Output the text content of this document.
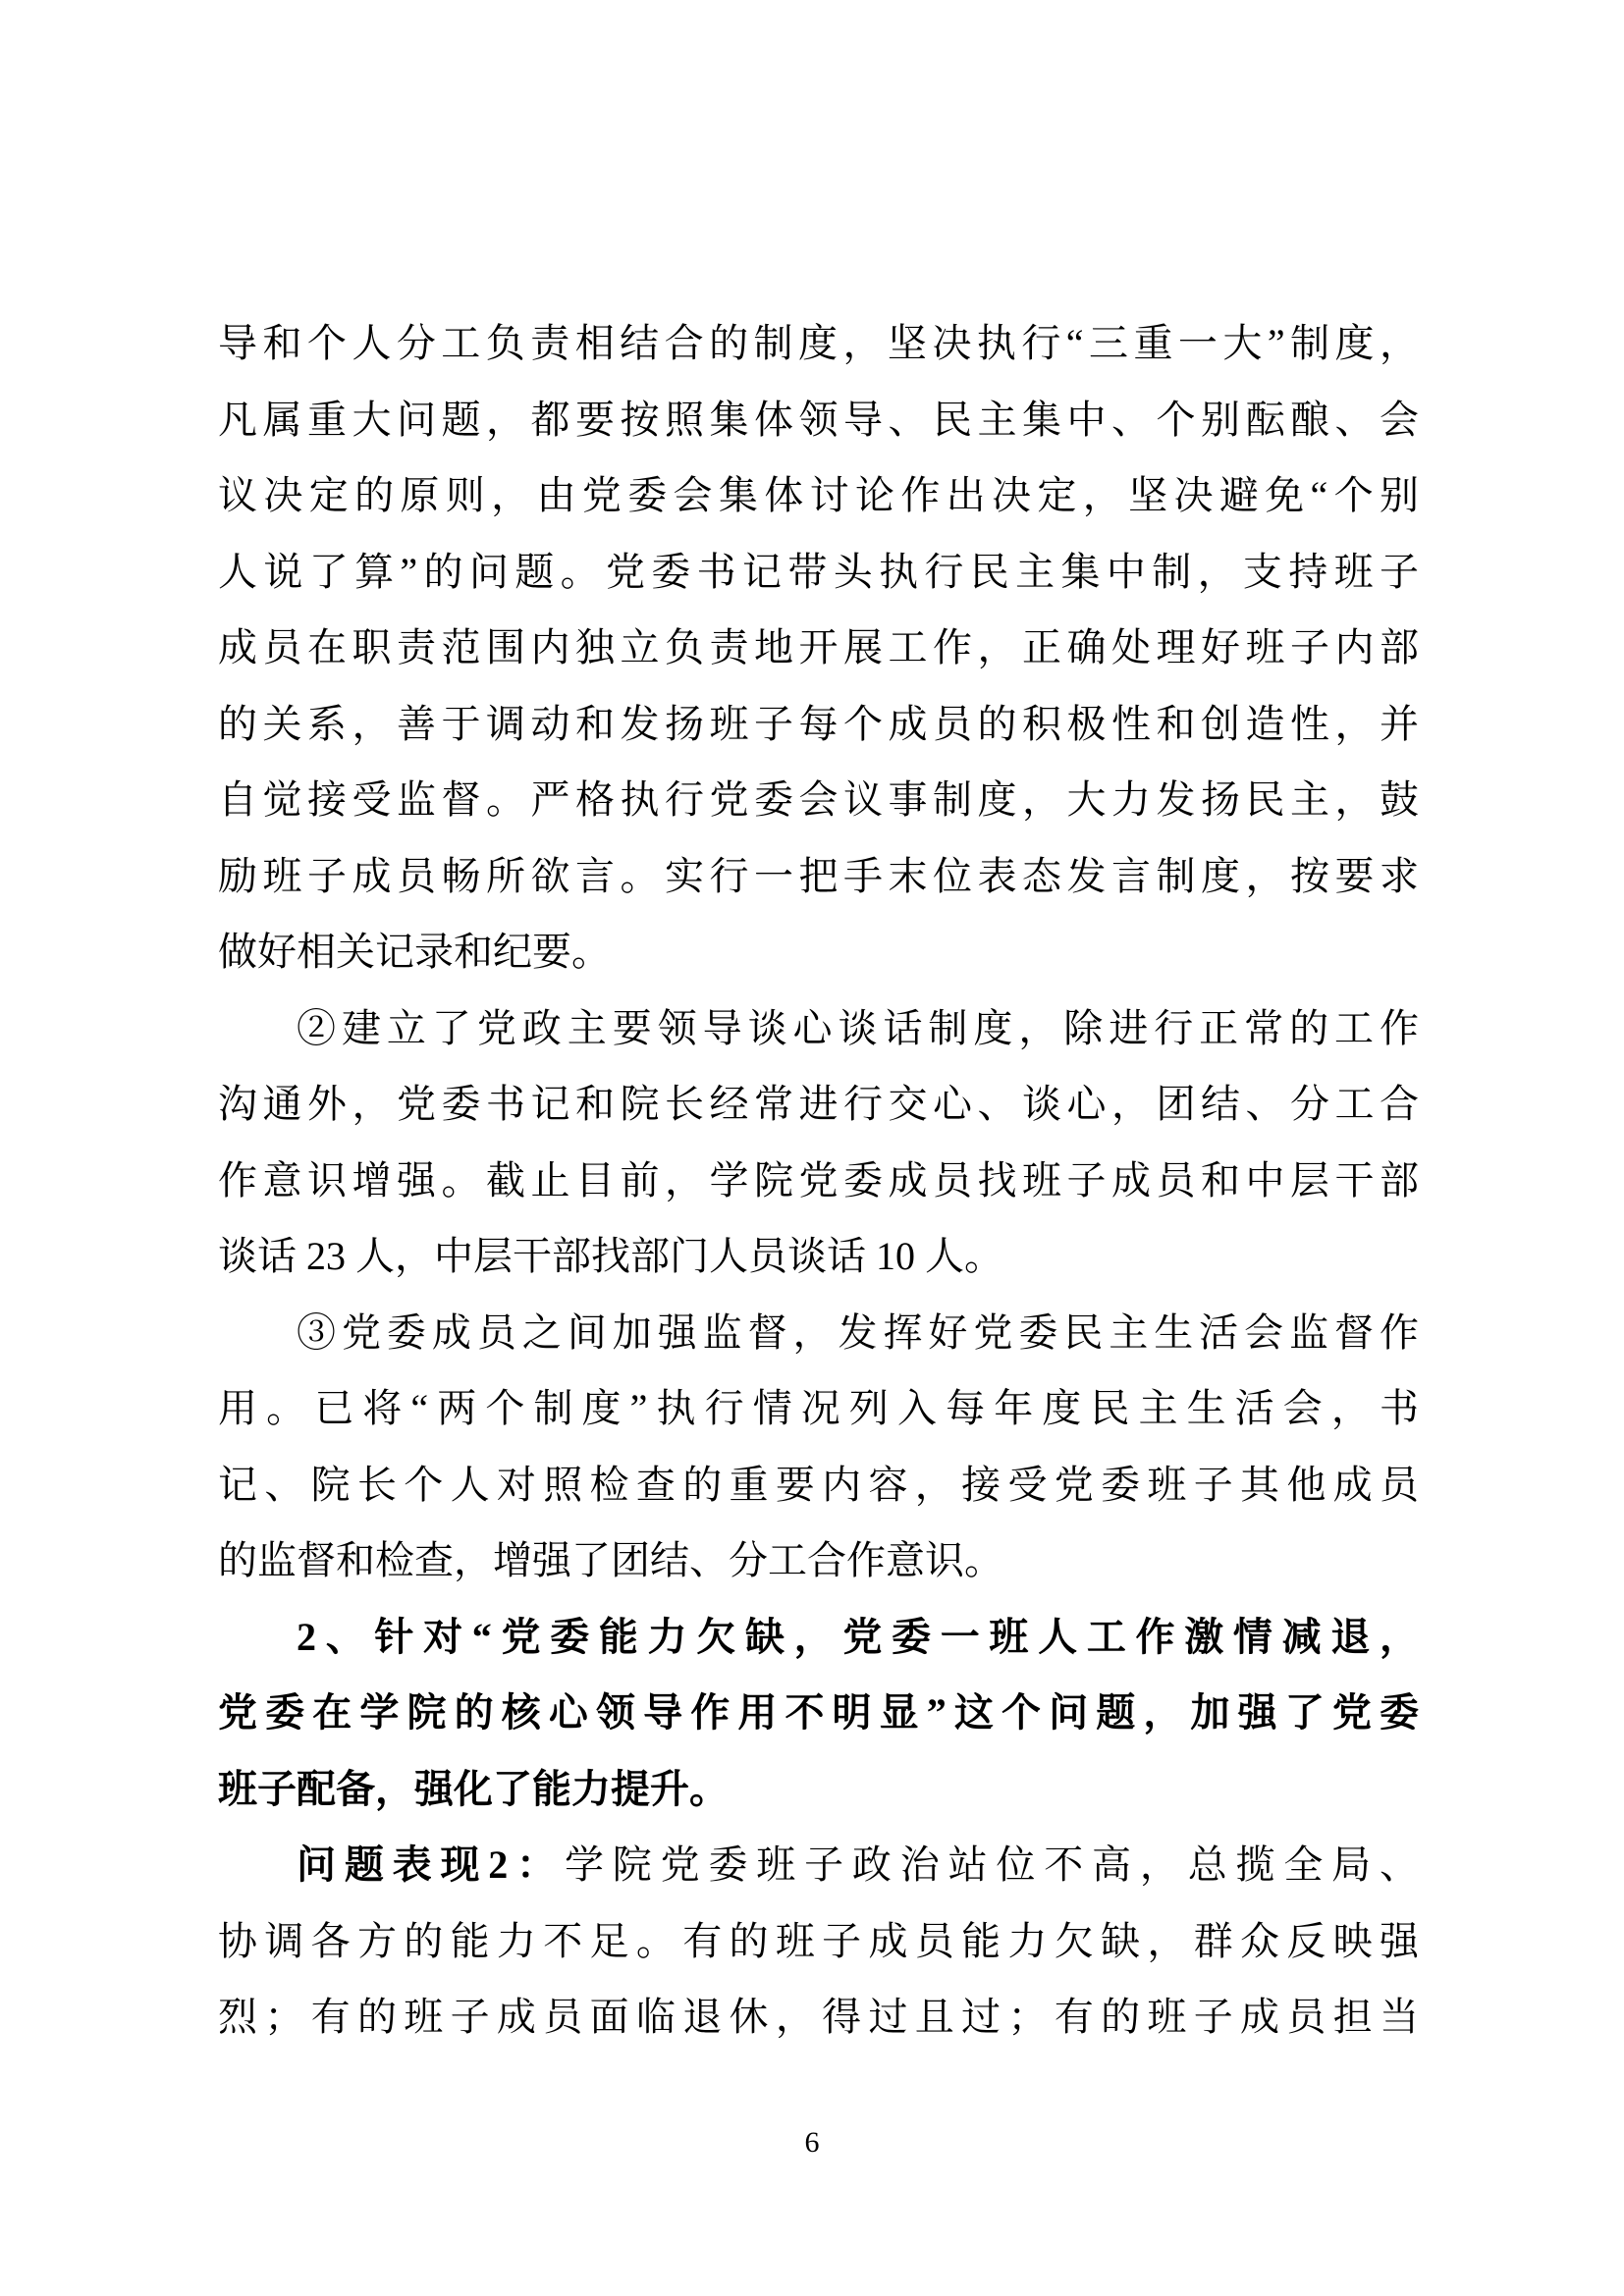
导和个人分工负责相结合的制度，坚决执行“三重一大”制度，
凡属重大问题，都要按照集体领导、民主集中、个别酝酿、会
议决定的原则，由党委会集体讨论作出决定，坚决避免“个别
人说了算”的问题。党委书记带头执行民主集中制，支持班子
成员在职责范围内独立负责地开展工作，正确处理好班子内部
的关系，善于调动和发扬班子每个成员的积极性和创造性，并
自觉接受监督。严格执行党委会议事制度，大力发扬民主，鼓
励班子成员畅所欲言。实行一把手末位表态发言制度，按要求
做好相关记录和纪要。
②建立了党政主要领导谈心谈话制度，除进行正常的工作
沟通外，党委书记和院长经常进行交心、谈心，团结、分工合
作意识增强。截止目前，学院党委成员找班子成员和中层干部
谈话 23 人，中层干部找部门人员谈话 10 人。
③党委成员之间加强监督，发挥好党委民主生活会监督作
用。已将“两个制度”执行情况列入每年度民主生活会，书
记、院长个人对照检查的重要内容，接受党委班子其他成员
的监督和检查，增强了团结、分工合作意识。
2、针对“党委能力欠缺，党委一班人工作激情减退，
党委在学院的核心领导作用不明显”这个问题，加强了党委
班子配备，强化了能力提升。
问题表现2：学院党委班子政治站位不高，总揽全局、
协调各方的能力不足。有的班子成员能力欠缺，群众反映强
烈；有的班子成员面临退休，得过且过；有的班子成员担当
6
